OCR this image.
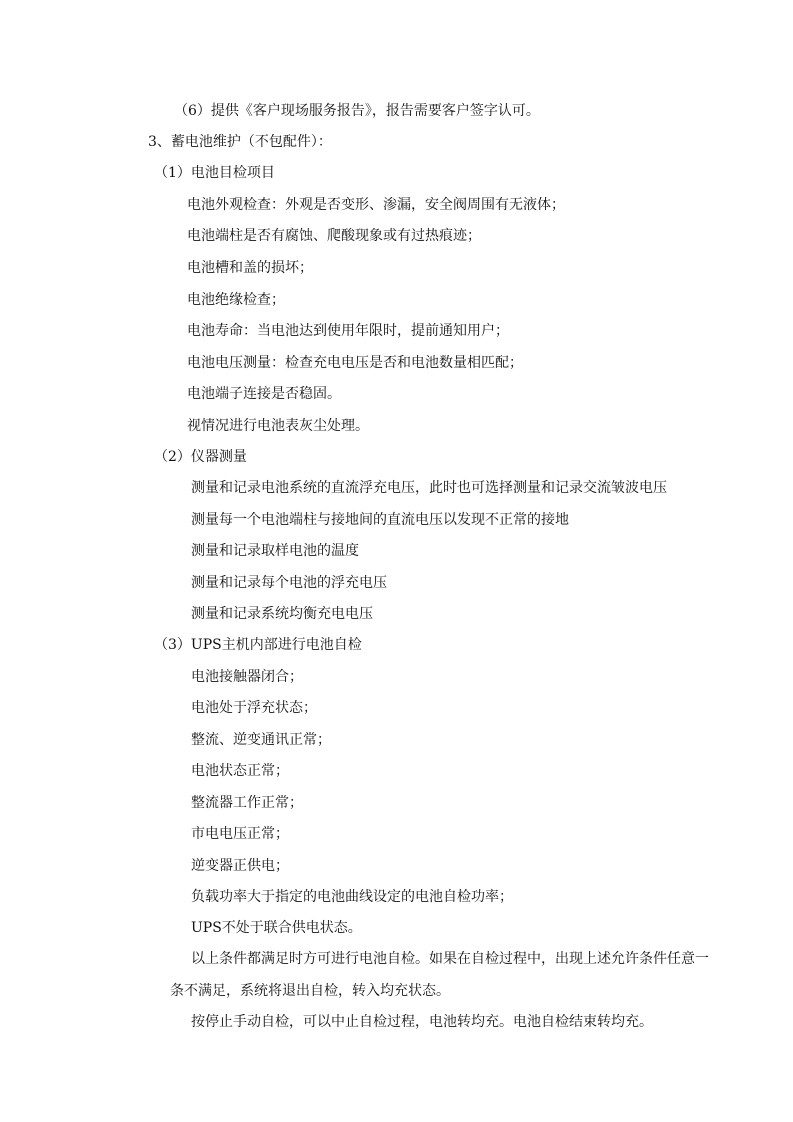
（6）提供《客户现场服务报告》，报告需要客户签字认可。

3、蓄电池维护（不包配件）：

（1）电池目检项目

电池外观检查：外观是否变形、渗漏，安全阀周围有无液体；

电池端柱是否有腐蚀、爬酸现象或有过热痕迹；

电池槽和盖的损坏；

电池绝缘检查；

电池寿命：当电池达到使用年限时，提前通知用户；

电池电压测量：检查充电电压是否和电池数量相匹配；

电池端子连接是否稳固。

视情况进行电池表灰尘处理。

（2）仪器测量

测量和记录电池系统的直流浮充电压，此时也可选择测量和记录交流皱波电压

测量每一个电池端柱与接地间的直流电压以发现不正常的接地

测量和记录取样电池的温度

测量和记录每个电池的浮充电压

测量和记录系统均衡充电电压

（3）UPS主机内部进行电池自检

电池接触器闭合；

电池处于浮充状态；

整流、逆变通讯正常；

电池状态正常；

整流器工作正常；

市电电压正常；

逆变器正供电；

负载功率大于指定的电池曲线设定的电池自检功率；

UPS不处于联合供电状态。

以上条件都满足时方可进行电池自检。如果在自检过程中，出现上述允许条件任意一

条不满足，系统将退出自检，转入均充状态。

按停止手动自检，可以中止自检过程，电池转均充。电池自检结束转均充。
